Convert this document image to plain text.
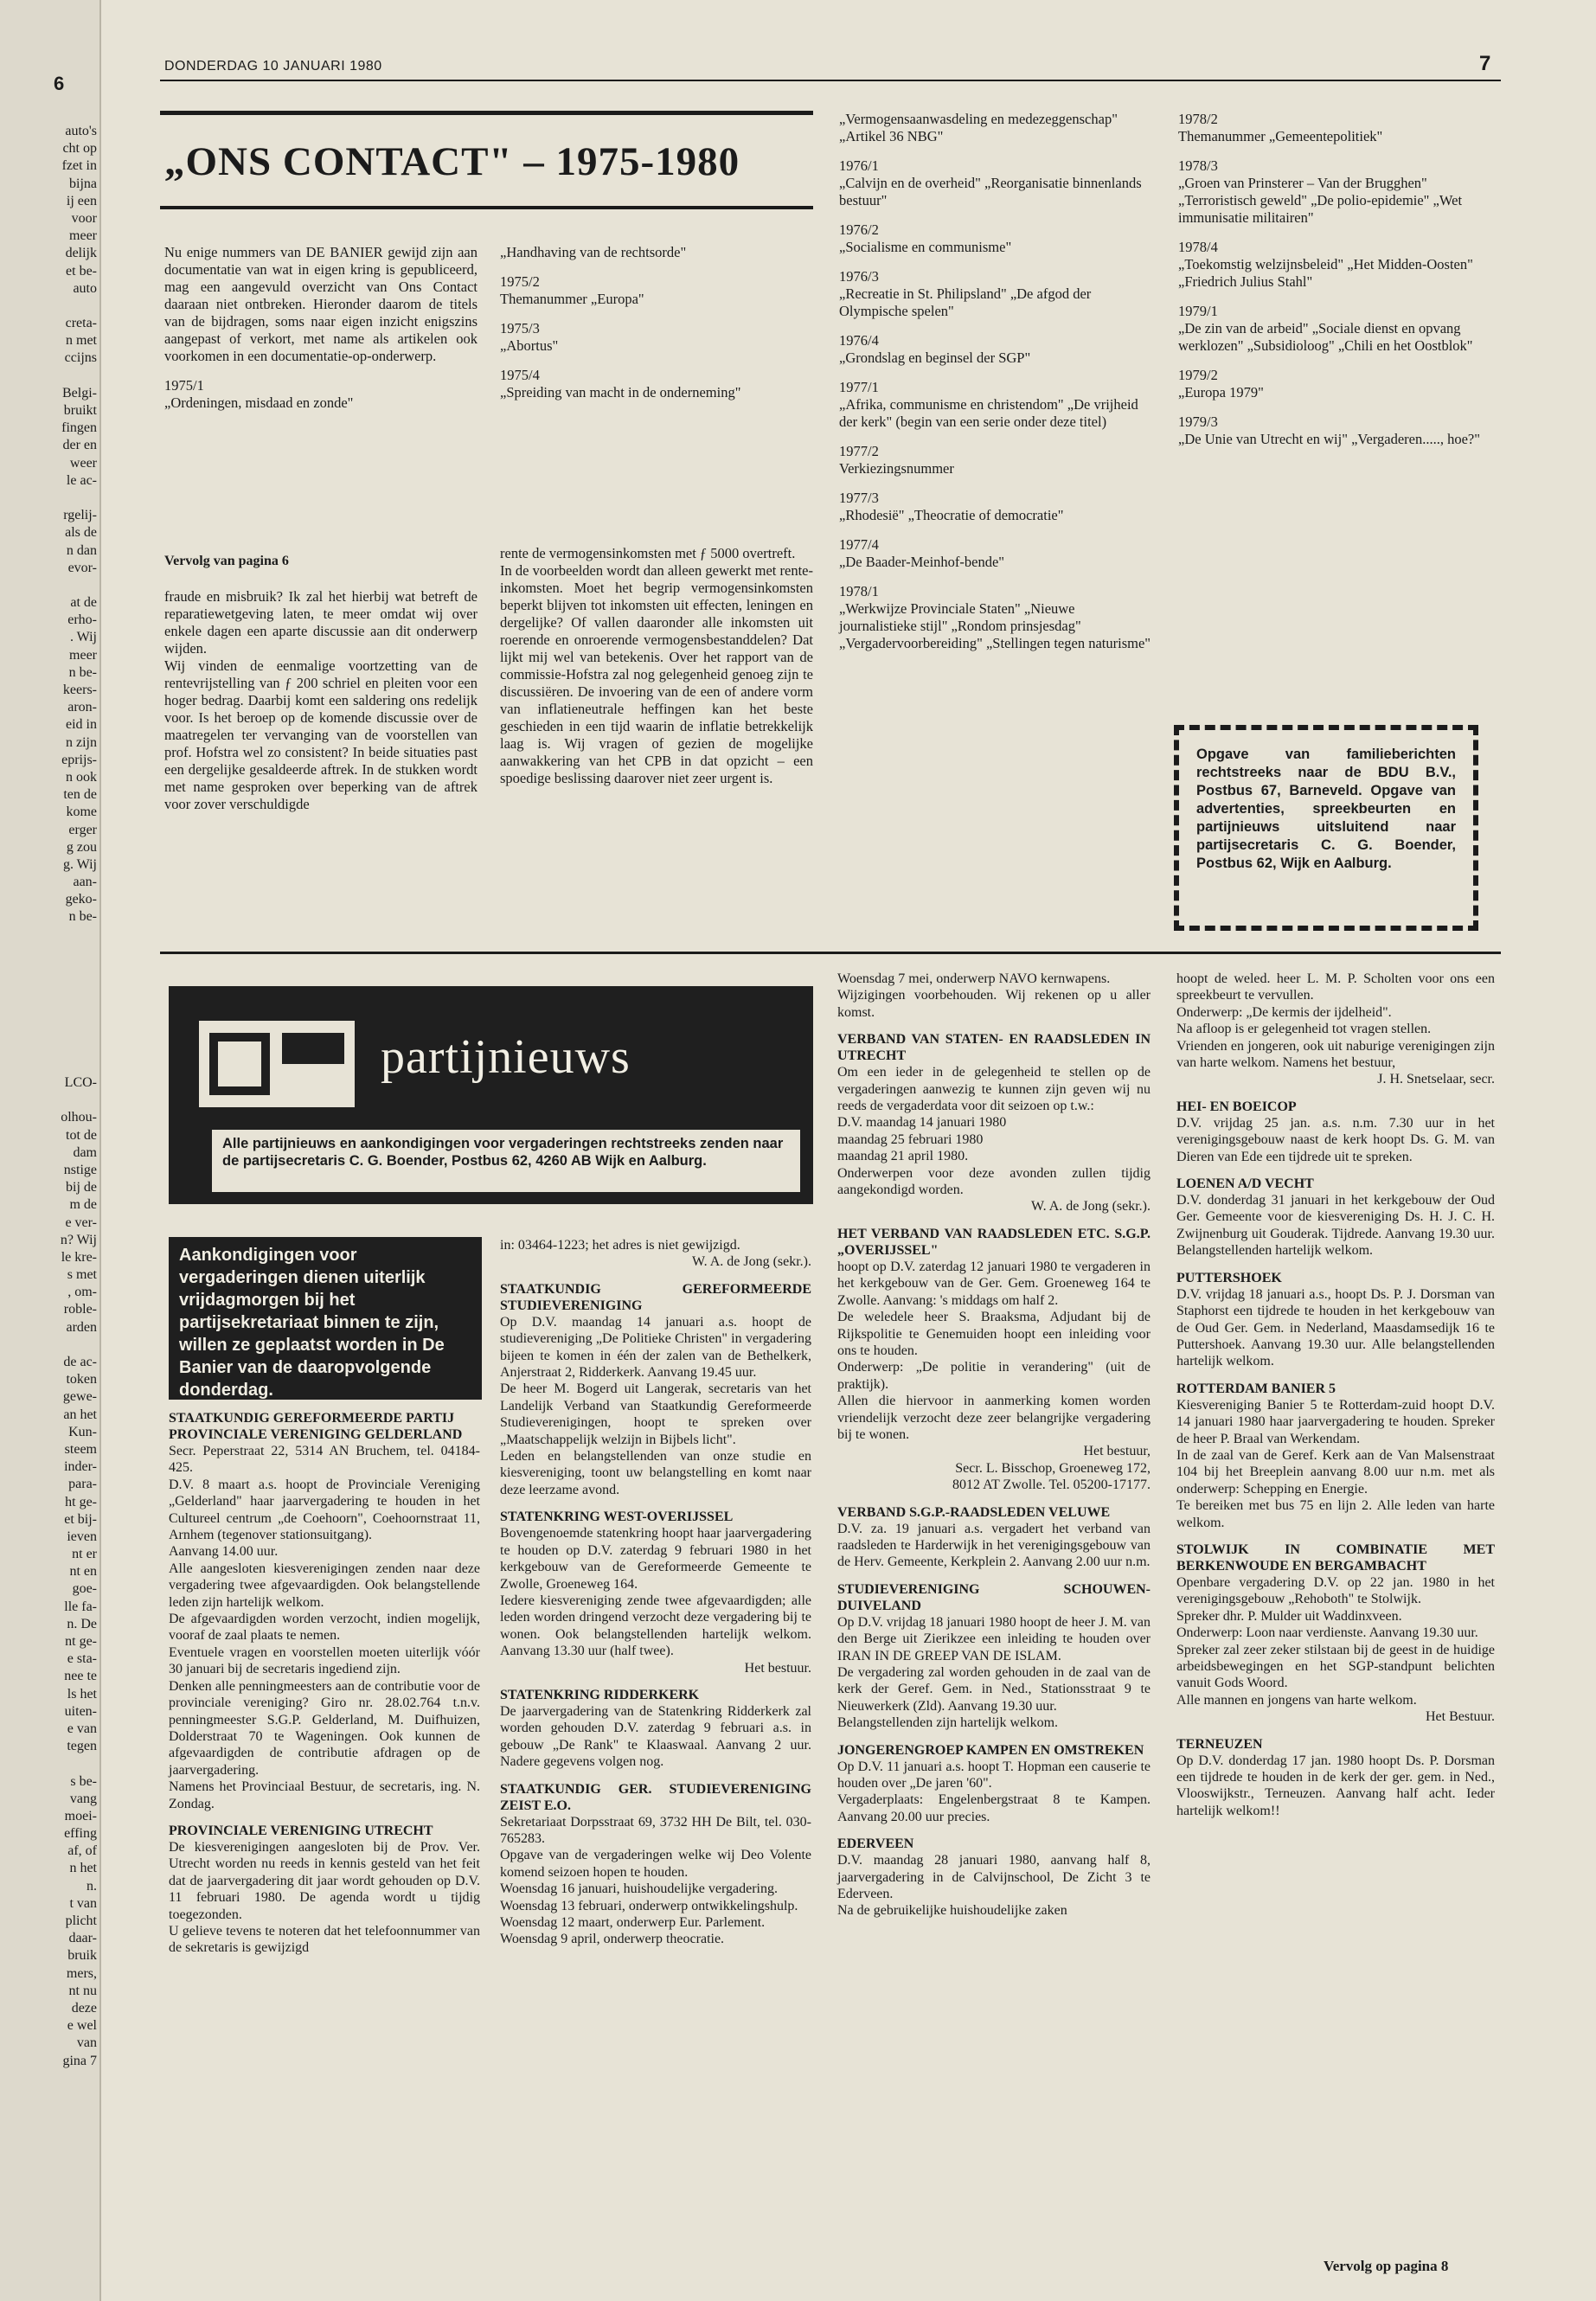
6
auto's
cht op
fzet in
bijna
ij een
voor
meer
delijk
et be-
auto
creta-
n met
ccijns
Belgi-
bruikt
fingen
der en
weer
le ac-
rgelij-
als de
n dan
evor-
at de
erho-
. Wij
meer
n be-
keers-
aron-
eid in
n zijn
eprijs-
n ook
ten de
kome
erger
g zou
g. Wij
aan-
geko-
n be-
LCO-
olhou-
tot de
dam
nstige
bij de
m de
e ver-
n? Wij
le kre-
s met
, om-
roble-
arden
de ac-
token
gewe-
an het
Kun-
steem
inder-
para-
ht ge-
et bij-
ieven
nt er
nt en
goe-
lle fa-
n. De
nt ge-
e sta-
nee te
ls het
uiten-
e van
tegen
s be-
vang
moei-
effing
af, of
n het
n.
t van
plicht
daar-
bruik
mers,
nt nu
deze
e wel
van
gina 7
DONDERDAG 10 JANUARI 1980	7
„ONS CONTACT" – 1975-1980

Nu enige nummers van DE BANIER gewijd zijn aan documentatie van wat in eigen kring is gepubliceerd, mag een aangevuld overzicht van Ons Contact daaraan niet ontbreken. Hieronder daarom de titels van de bijdragen, soms naar eigen inzicht enigszins aangepast of verkort, met name als artikelen ook voorkomen in een documentatie-op-onderwerp.

1975/1
„Ordeningen, misdaad en zonde"
„Handhaving van de rechtsorde"
1975/2
Themanummer „Europa"
1975/3
„Abortus"
1975/4
„Spreiding van macht in de onderneming"
„Vermogensaanwasdeling en medezeggenschap" „Artikel 36 NBG"
1976/1
„Calvijn en de overheid" „Reorganisatie binnenlands bestuur"
1976/2
„Socialisme en communisme"
1976/3
„Recreatie in St. Philipsland" „De afgod der Olympische spelen"
1976/4
„Grondslag en beginsel der SGP"
1977/1
„Afrika, communisme en christendom" „De vrijheid der kerk" (begin van een serie onder deze titel)
1977/2
Verkiezingsnummer
1977/3
„Rhodesië" „Theocratie of democratie"
1977/4
„De Baader-Meinhof-bende"
1978/1
„Werkwijze Provinciale Staten" „Nieuwe journalistieke stijl" „Rondom prinsjesdag" „Vergadervoorbereiding" „Stellingen tegen naturisme"
1978/2
Themanummer „Gemeentepolitiek"
1978/3
„Groen van Prinsterer – Van der Brugghen" „Terroristisch geweld" „De polio-epidemie" „Wet immunisatie militairen"
1978/4
„Toekomstig welzijnsbeleid" „Het Midden-Oosten" „Friedrich Julius Stahl"
1979/1
„De zin van de arbeid" „Sociale dienst en opvang werklozen" „Subsidioloog" „Chili en het Oostblok"
1979/2
„Europa 1979"
1979/3
„De Unie van Utrecht en wij" „Vergaderen....., hoe?"
Opgave van familieberichten rechtstreeks naar de BDU B.V., Postbus 67, Barneveld. Opgave van advertenties, spreekbeurten en partijnieuws uitsluitend naar partijsecretaris C. G. Boender, Postbus 62, Wijk en Aalburg.
Vervolg van pagina 6
fraude en misbruik? Ik zal het hierbij wat betreft de reparatiewetgeving laten, te meer omdat wij over enkele dagen een aparte discussie aan dit onderwerp wijden.
Wij vinden de eenmalige voortzetting van de rentevrijstelling van ƒ 200 schriel en pleiten voor een hoger bedrag. Daarbij komt een saldering ons redelijk voor. Is het beroep op de komende discussie over de maatregelen ter vervanging van de voorstellen van prof. Hofstra wel zo consistent? In beide situaties past een dergelijke gesaldeerde aftrek. In de stukken wordt met name gesproken over beperking van de aftrek voor zover verschuldigde
rente de vermogensinkomsten met ƒ 5000 overtreft.
In de voorbeelden wordt dan alleen gewerkt met rente-inkomsten. Moet het begrip vermogensinkomsten beperkt blijven tot inkomsten uit effecten, leningen en dergelijke? Of vallen daaronder alle inkomsten uit roerende en onroerende vermogensbestanddelen? Dat lijkt mij wel van betekenis. Over het rapport van de commissie-Hofstra zal nog gelegenheid genoeg zijn te discussiëren. De invoering van de een of andere vorm van inflatieneutrale heffingen kan het beste geschieden in een tijd waarin de inflatie betrekkelijk laag is. Wij vragen of gezien de mogelijke aanwakkering van het CPB in dat opzicht – een spoedige beslissing daarover niet zeer urgent is.
partijnieuws
Alle partijnieuws en aankondigingen voor vergaderingen rechtstreeks zenden naar de partijsecretaris C. G. Boender, Postbus 62, 4260 AB Wijk en Aalburg.
Aankondigingen voor vergaderingen dienen uiterlijk vrijdagmorgen bij het partijsekretariaat binnen te zijn, willen ze geplaatst worden in De Banier van de daaropvolgende donderdag.
STAATKUNDIG GEREFORMEERDE PARTIJ
PROVINCIALE VERENIGING GELDERLAND

Secr. Peperstraat 22, 5314 AN Bruchem, tel. 04184-425.

D.V. 8 maart a.s. hoopt de Provinciale Vereniging „Gelderland" haar jaarvergadering te houden in het Cultureel centrum „de Coehoorn", Coehoornstraat 11, Arnhem (tegenover stationsuitgang).
Aanvang 14.00 uur.

Alle aangesloten kiesverenigingen zenden naar deze vergadering twee afgevaardigden. Ook belangstellende leden zijn hartelijk welkom.

De afgevaardigden worden verzocht, indien mogelijk, vooraf de zaal plaats te nemen.

Eventuele vragen en voorstellen moeten uiterlijk vóór 30 januari bij de secretaris ingediend zijn.

Denken alle penningmeesters aan de contributie voor de provinciale vereniging? Giro nr. 28.02.764 t.n.v. penningmeester S.G.P. Gelderland, M. Duifhuizen, Dolderstraat 70 te Wageningen. Ook kunnen de afgevaardigden de contributie afdragen op de jaarvergadering.

Namens het Provinciaal Bestuur, de secretaris, ing. N. Zondag.

PROVINCIALE VERENIGING UTRECHT

De kiesverenigingen aangesloten bij de Prov. Ver. Utrecht worden nu reeds in kennis gesteld van het feit dat de jaarvergadering dit jaar wordt gehouden op D.V. 11 februari 1980. De agenda wordt u tijdig toegezonden.

U gelieve tevens te noteren dat het telefoonnummer van de sekretaris is gewijzigd

in: 03464-1223; het adres is niet gewijzigd.

W. A. de Jong (sekr.).

STAATKUNDIG GEREFORMEERDE STUDIEVERENIGING

Op D.V. maandag 14 januari a.s. hoopt de studievereniging „De Politieke Christen" in vergadering bijeen te komen in één der zalen van de Bethelkerk, Anjerstraat 2, Ridderkerk. Aanvang 19.45 uur.

De heer M. Bogerd uit Langerak, secretaris van het Landelijk Verband van Staatkundig Gereformeerde Studieverenigingen, hoopt te spreken over „Maatschappelijk welzijn in Bijbels licht".

Leden en belangstellenden van onze studie en kiesvereniging, toont uw belangstelling en komt naar deze leerzame avond.

STATENKRING WEST-OVERIJSSEL

Bovengenoemde statenkring hoopt haar jaarvergadering te houden op D.V. zaterdag 9 februari 1980 in het kerkgebouw van de Gereformeerde Gemeente te Zwolle, Groeneweg 164.

Iedere kiesvereniging zende twee afgevaardigden; alle leden worden dringend verzocht deze vergadering bij te wonen. Ook belangstellenden hartelijk welkom. Aanvang 13.30 uur (half twee).

Het bestuur.

STATENKRING RIDDERKERK

De jaarvergadering van de Statenkring Ridderkerk zal worden gehouden D.V. zaterdag 9 februari a.s. in gebouw „De Rank" te Klaaswaal. Aanvang 2 uur. Nadere gegevens volgen nog.

STAATKUNDIG GER. STUDIEVERENIGING ZEIST E.O.

Sekretariaat Dorpsstraat 69, 3732 HH De Bilt, tel. 030-765283.

Opgave van de vergaderingen welke wij Deo Volente komend seizoen hopen te houden.

Woensdag 16 januari, huishoudelijke vergadering.

Woensdag 13 februari, onderwerp ontwikkelingshulp.

Woensdag 12 maart, onderwerp Eur. Parlement.

Woensdag 9 april, onderwerp theocratie.

Woensdag 7 mei, onderwerp NAVO kernwapens.

Wijzigingen voorbehouden. Wij rekenen op u aller komst.

VERBAND VAN STATEN- EN RAADSLEDEN IN UTRECHT

Om een ieder in de gelegenheid te stellen op de vergaderingen aanwezig te kunnen zijn geven wij nu reeds de vergaderdata voor dit seizoen op t.w.:

D.V. maandag 14 januari 1980
maandag 25 februari 1980
maandag 21 april 1980.

Onderwerpen voor deze avonden zullen tijdig aangekondigd worden.

W. A. de Jong (sekr.).

HET VERBAND VAN RAADSLEDEN ETC. S.G.P. „OVERIJSSEL"

hoopt op D.V. zaterdag 12 januari 1980 te vergaderen in het kerkgebouw van de Ger. Gem. Groeneweg 164 te Zwolle. Aanvang: 's middags om half 2.

De weledele heer S. Braaksma, Adjudant bij de Rijkspolitie te Genemuiden hoopt een inleiding voor ons te houden.

Onderwerp: „De politie in verandering" (uit de praktijk).

Allen die hiervoor in aanmerking komen worden vriendelijk verzocht deze zeer belangrijke vergadering bij te wonen.

Het bestuur,
Secr. L. Bisschop, Groeneweg 172,
8012 AT Zwolle. Tel. 05200-17177.

VERBAND S.G.P.-RAADSLEDEN VELUWE

D.V. za. 19 januari a.s. vergadert het verband van raadsleden te Harderwijk in het verenigingsgebouw van de Herv. Gemeente, Kerkplein 2. Aanvang 2.00 uur n.m.

STUDIEVERENIGING SCHOUWEN-DUIVELAND

Op D.V. vrijdag 18 januari 1980 hoopt de heer J. M. van den Berge uit Zierikzee een inleiding te houden over IRAN IN DE GREEP VAN DE ISLAM.

De vergadering zal worden gehouden in de zaal van de kerk der Geref. Gem. in Ned., Stationsstraat 9 te Nieuwerkerk (Zld). Aanvang 19.30 uur.

Belangstellenden zijn hartelijk welkom.

JONGERENGROEP KAMPEN EN OMSTREKEN

Op D.V. 11 januari a.s. hoopt T. Hopman een causerie te houden over „De jaren '60".

Vergaderplaats: Engelenbergstraat 8 te Kampen. Aanvang 20.00 uur precies.

EDERVEEN

D.V. maandag 28 januari 1980, aanvang half 8, jaarvergadering in de Calvijnschool, De Zicht 3 te Ederveen.

Na de gebruikelijke huishoudelijke zaken

hoopt de weled. heer L. M. P. Scholten voor ons een spreekbeurt te vervullen.

Onderwerp: „De kermis der ijdelheid".

Na afloop is er gelegenheid tot vragen stellen.

Vrienden en jongeren, ook uit naburige verenigingen zijn van harte welkom. Namens het bestuur,

J. H. Snetselaar, secr.

HEI- EN BOEICOP

D.V. vrijdag 25 jan. a.s. n.m. 7.30 uur in het verenigingsgebouw naast de kerk hoopt Ds. G. M. van Dieren van Ede een tijdrede uit te spreken.

LOENEN A/D VECHT

D.V. donderdag 31 januari in het kerkgebouw der Oud Ger. Gemeente voor de kiesvereniging Ds. H. J. C. H. Zwijnenburg uit Gouderak. Tijdrede. Aanvang 19.30 uur. Belangstellenden hartelijk welkom.

PUTTERSHOEK

D.V. vrijdag 18 januari a.s., hoopt Ds. P. J. Dorsman van Staphorst een tijdrede te houden in het kerkgebouw van de Oud Ger. Gem. in Nederland, Maasdamsedijk 16 te Puttershoek. Aanvang 19.30 uur. Alle belangstellenden hartelijk welkom.

ROTTERDAM BANIER 5

Kiesvereniging Banier 5 te Rotterdam-zuid hoopt D.V. 14 januari 1980 haar jaarvergadering te houden. Spreker de heer P. Braal van Werkendam.

In de zaal van de Geref. Kerk aan de Van Malsenstraat 104 bij het Breeplein aanvang 8.00 uur n.m. met als onderwerp: Schepping en Energie.

Te bereiken met bus 75 en lijn 2. Alle leden van harte welkom.

STOLWIJK IN COMBINATIE MET BERKENWOUDE EN BERGAMBACHT

Openbare vergadering D.V. op 22 jan. 1980 in het verenigingsgebouw „Rehoboth" te Stolwijk.

Spreker dhr. P. Mulder uit Waddinxveen.

Onderwerp: Loon naar verdienste. Aanvang 19.30 uur.

Spreker zal zeer zeker stilstaan bij de geest in de huidige arbeidsbewegingen en het SGP-standpunt belichten vanuit Gods Woord.

Alle mannen en jongens van harte welkom.

Het Bestuur.

TERNEUZEN

Op D.V. donderdag 17 jan. 1980 hoopt Ds. P. Dorsman een tijdrede te houden in de kerk der ger. gem. in Ned., Vlooswijkstr., Terneuzen. Aanvang half acht. Ieder hartelijk welkom!!

Vervolg op pagina 8
